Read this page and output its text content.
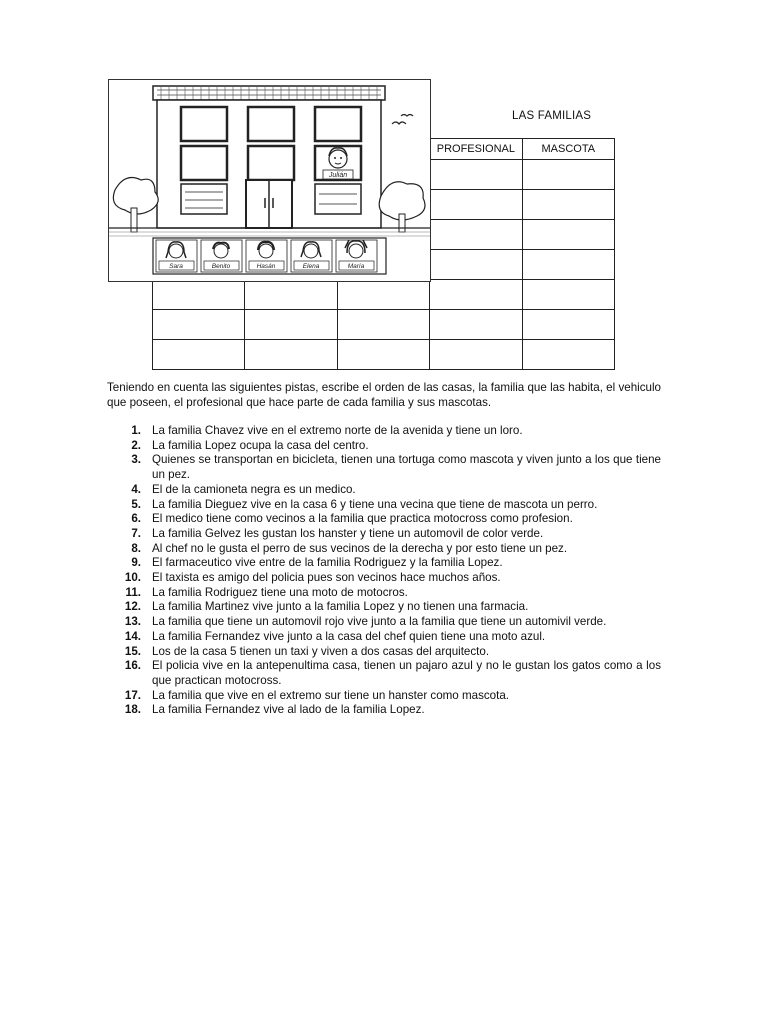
			PROFESIONAL	MASCOTA

LAS FAMILIAS
Julián
Sara	Benito	Hasán	Elena	María

Teniendo en cuenta las siguientes pistas, escribe el orden de las casas, la familia que las habita, el vehiculo que poseen, el profesional que hace parte de cada familia y sus mascotas.

1. La familia Chavez vive en el extremo norte de la avenida y tiene un loro.
2. La familia Lopez ocupa la casa del centro.
3. Quienes se transportan en bicicleta, tienen una tortuga como mascota y viven junto a los que tiene un pez.
4. El de la camioneta negra es un medico.
5. La familia Dieguez vive en la casa 6 y tiene una vecina que tiene de mascota un perro.
6. El medico tiene como vecinos a la familia que practica motocross como profesion.
7. La familia Gelvez les gustan los hanster y tiene un automovil de color verde.
8. Al chef no le gusta el perro de sus vecinos de la derecha y por esto tiene un pez.
9. El farmaceutico vive entre de la familia Rodriguez y la familia Lopez.
10. El taxista es amigo del policia pues son vecinos hace muchos años.
11. La familia Rodriguez tiene una moto de motocros.
12. La familia Martinez vive junto a la familia Lopez y no tienen una farmacia.
13. La familia que tiene un automovil rojo vive junto a la familia que tiene un automivil verde.
14. La familia Fernandez vive junto a la casa del chef quien tiene una moto azul.
15. Los de la casa 5 tienen un taxi y viven a dos casas del arquitecto.
16. El policia vive en la antepenultima casa, tienen un pajaro azul y no le gustan los gatos como a los que practican motocross.
17. La familia que vive en el extremo sur tiene un hanster como mascota.
18. La familia Fernandez vive al lado de la familia Lopez.
